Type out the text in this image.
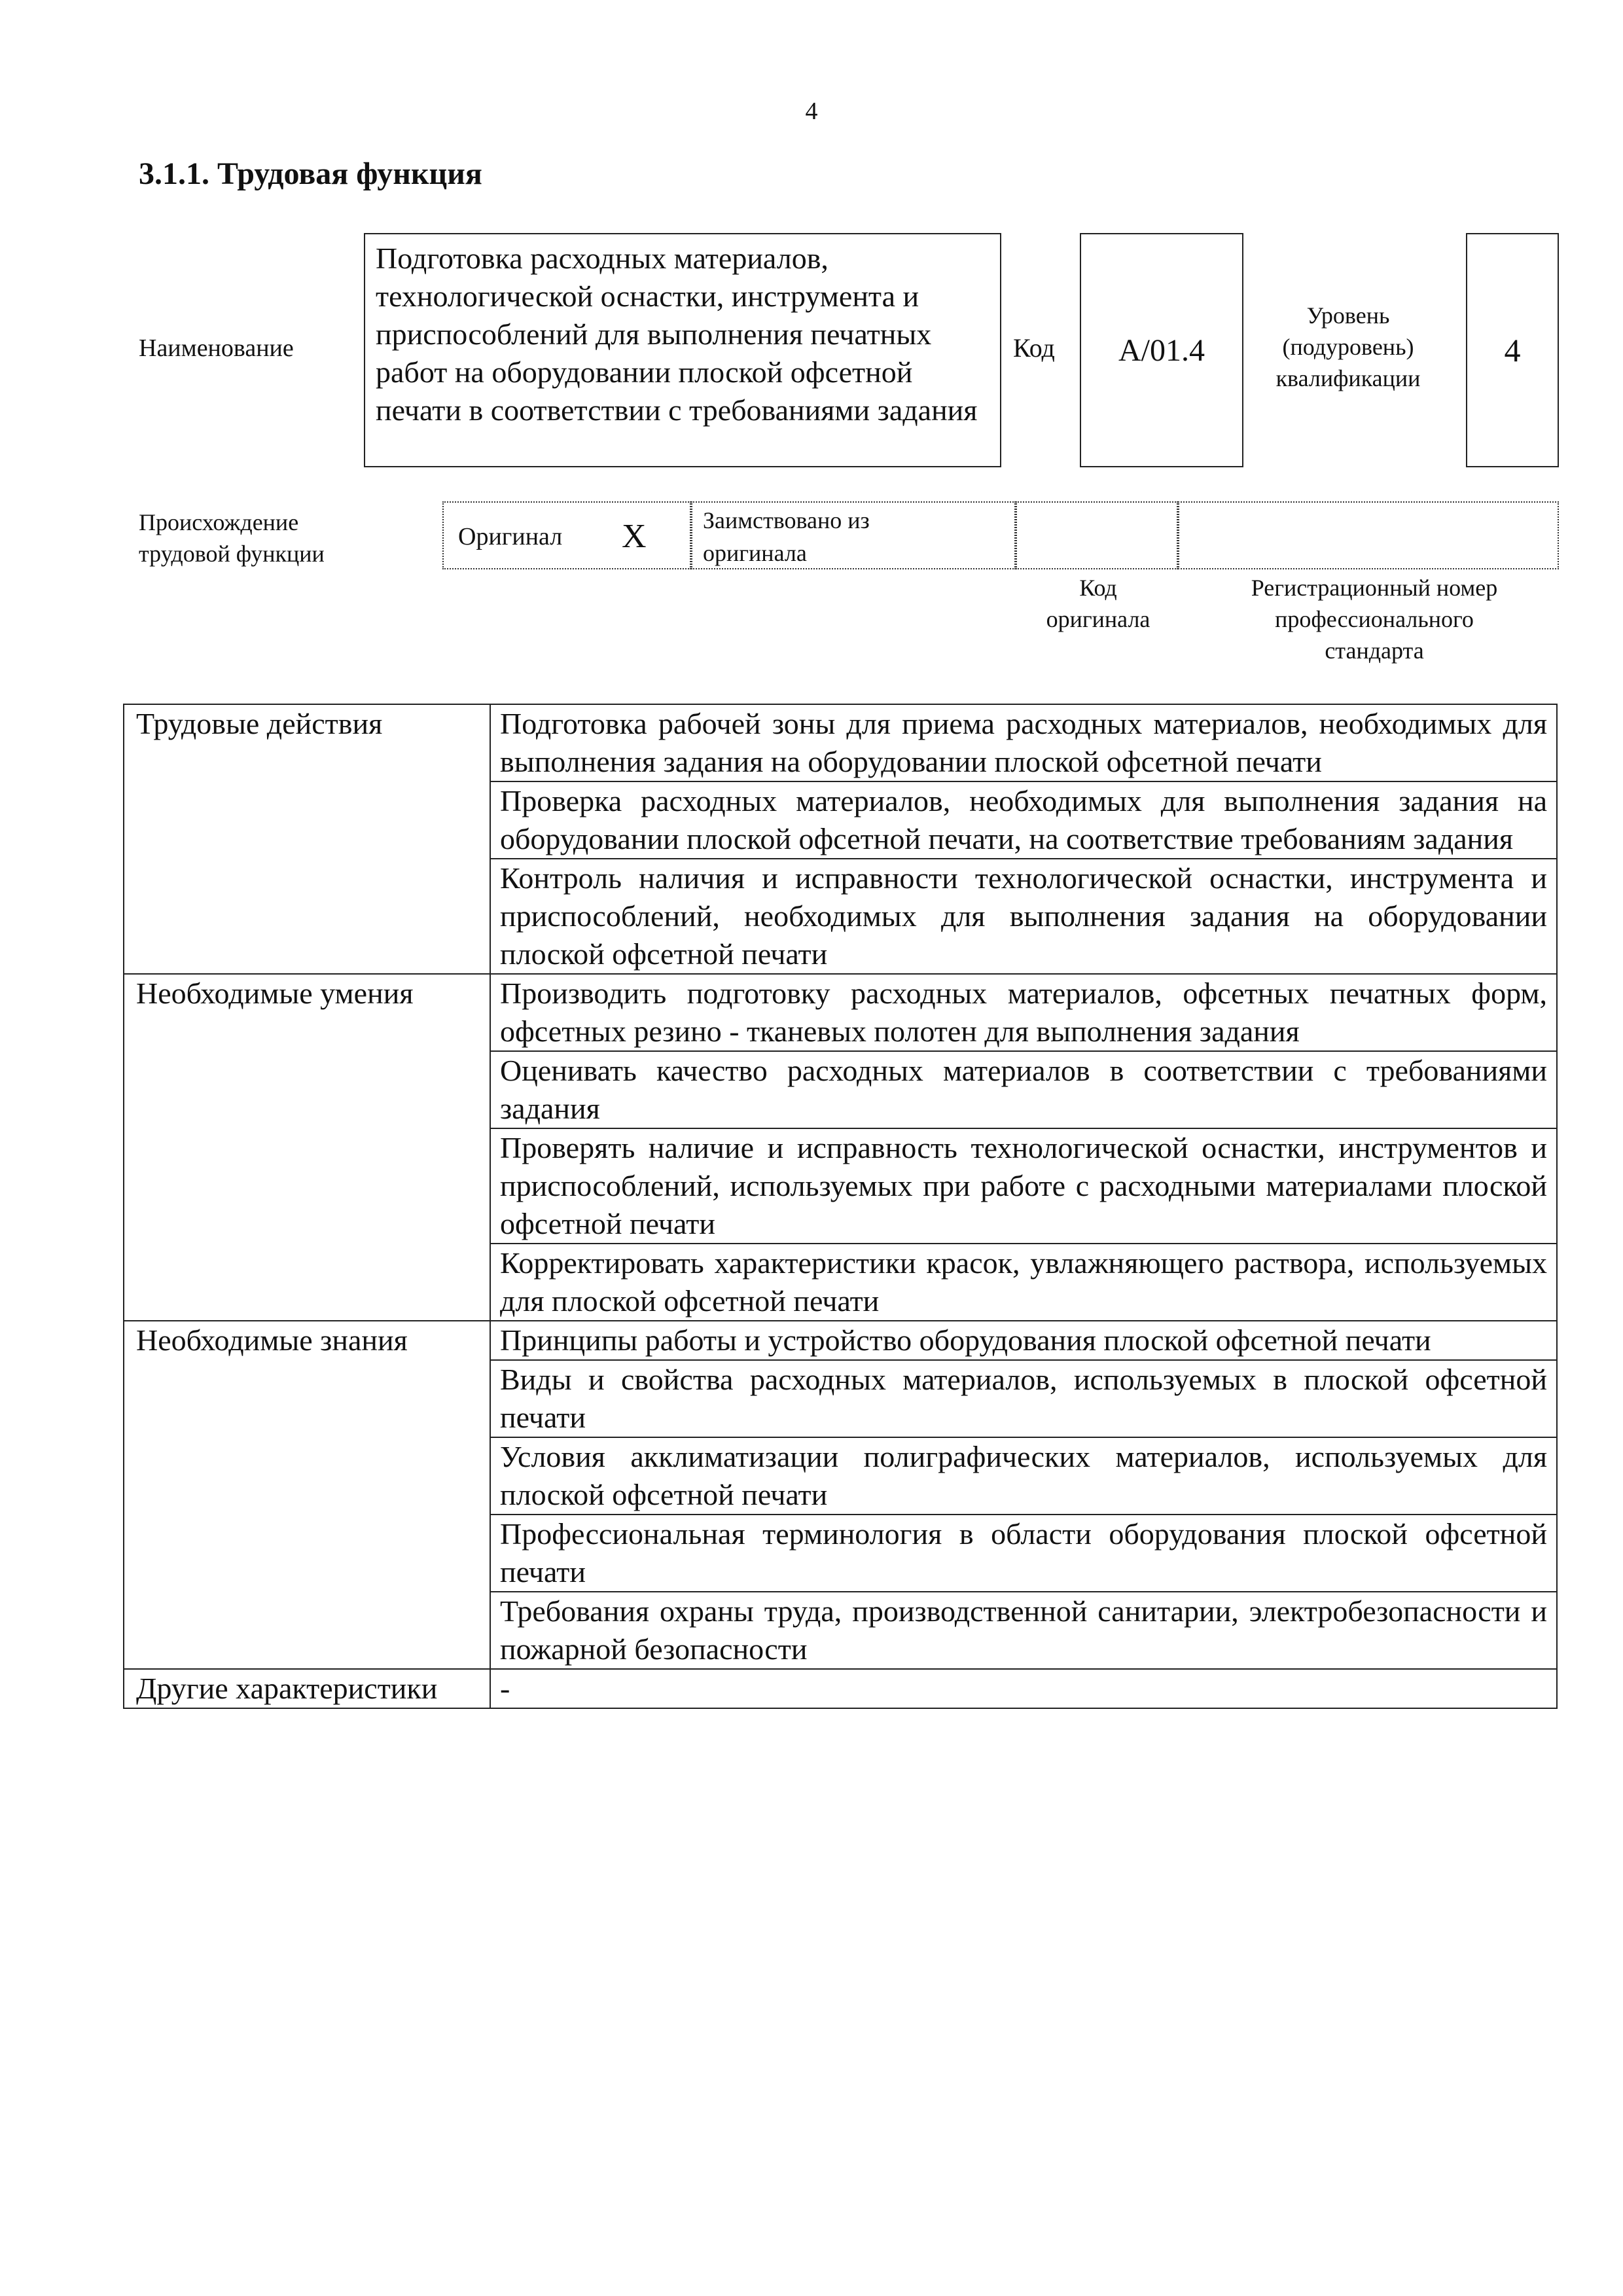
4
3.1.1. Трудовая функция
Наименование
Подготовка расходных материалов, технологической оснастки, инструмента и приспособлений для выполнения печатных работ на оборудовании плоской офсетной печати в соответствии с требованиями задания
Код A/01.4
Уровень
(подуровень)
квалификации
4
Происхождение
трудовой функции
Оригинал X Заимствовано из
оригинала
Код
оригинала
Регистрационный номер
профессионального
стандарта
Трудовые действия	Подготовка рабочей зоны для приема расходных материалов, необходимых для выполнения задания на оборудовании плоской офсетной печати
	Проверка расходных материалов, необходимых для выполнения задания на оборудовании плоской офсетной печати, на соответствие требованиям задания
	Контроль наличия и исправности технологической оснастки, инструмента и приспособлений, необходимых для выполнения задания на оборудовании плоской офсетной печати
Необходимые умения	Производить подготовку расходных материалов, офсетных печатных форм, офсетных резино - тканевых полотен для выполнения задания
	Оценивать качество расходных материалов в соответствии с требованиями задания
	Проверять наличие и исправность технологической оснастки, инструментов и приспособлений, используемых при работе с расходными материалами плоской офсетной печати
	Корректировать характеристики красок, увлажняющего раствора, используемых для плоской офсетной печати
Необходимые знания	Принципы работы и устройство оборудования плоской офсетной печати
	Виды и свойства расходных материалов, используемых в плоской офсетной печати
	Условия акклиматизации полиграфических материалов, используемых для плоской офсетной печати
	Профессиональная терминология в области оборудования плоской офсетной печати
	Требования охраны труда, производственной санитарии, электробезопасности и пожарной безопасности
Другие характеристики	-
